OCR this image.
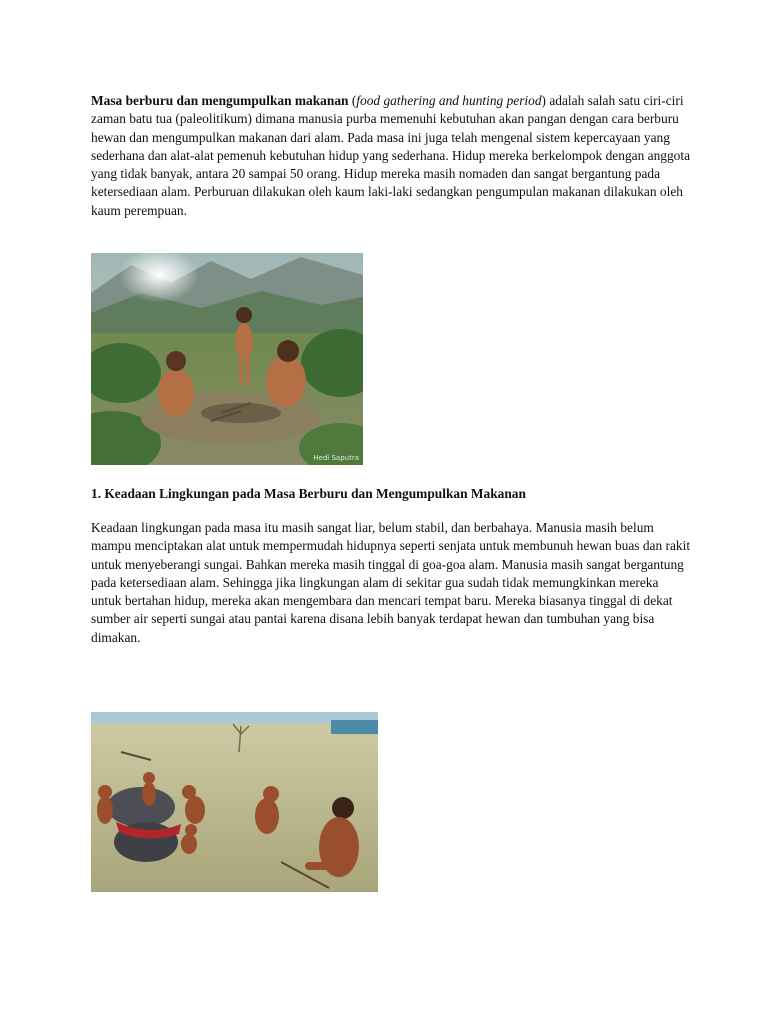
Masa berburu dan mengumpulkan makanan (food gathering and hunting period) adalah salah satu ciri-ciri zaman batu tua (paleolitikum) dimana manusia purba memenuhi kebutuhan akan pangan dengan cara berburu hewan dan mengumpulkan makanan dari alam. Pada masa ini juga telah mengenal sistem kepercayaan yang sederhana dan alat-alat pemenuh kebutuhan hidup yang sederhana. Hidup mereka berkelompok dengan anggota yang tidak banyak, antara 20 sampai 50 orang. Hidup mereka masih nomaden dan sangat bergantung pada ketersediaan alam. Perburuan dilakukan oleh kaum laki-laki sedangkan pengumpulan makanan dilakukan oleh kaum perempuan.

Hedi Saputra

1. Keadaan Lingkungan pada Masa Berburu dan Mengumpulkan Makanan

Keadaan lingkungan pada masa itu masih sangat liar, belum stabil, dan berbahaya. Manusia masih belum mampu menciptakan alat untuk mempermudah hidupnya seperti senjata untuk membunuh hewan buas dan rakit untuk menyeberangi sungai. Bahkan mereka masih tinggal di goa-goa alam. Manusia masih sangat bergantung pada ketersediaan alam. Sehingga jika lingkungan alam di sekitar gua sudah tidak memungkinkan mereka untuk bertahan hidup, mereka akan mengembara dan mencari tempat baru. Mereka biasanya tinggal di dekat sumber air seperti sungai atau pantai karena disana lebih banyak terdapat hewan dan tumbuhan yang bisa dimakan.
